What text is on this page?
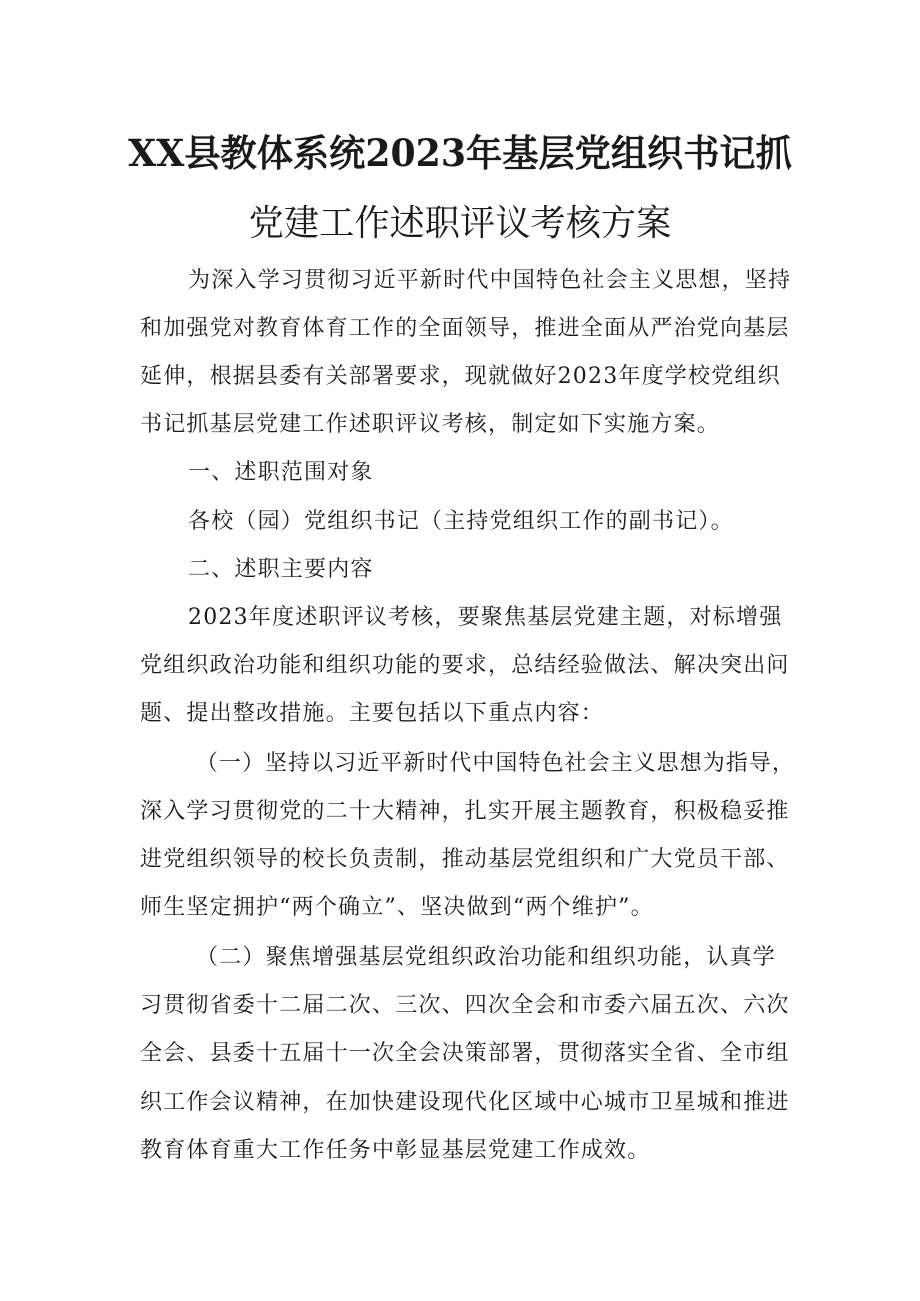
XX县教体系统2023年基层党组织书记抓
党建工作述职评议考核方案
为深入学习贯彻习近平新时代中国特色社会主义思想，坚持
和加强党对教育体育工作的全面领导，推进全面从严治党向基层
延伸，根据县委有关部署要求，现就做好2023年度学校党组织
书记抓基层党建工作述职评议考核，制定如下实施方案。
一、述职范围对象
各校（园）党组织书记（主持党组织工作的副书记）。
二、述职主要内容
2023年度述职评议考核，要聚焦基层党建主题，对标增强
党组织政治功能和组织功能的要求，总结经验做法、解决突出问
题、提出整改措施。主要包括以下重点内容：
（一）坚持以习近平新时代中国特色社会主义思想为指导，
深入学习贯彻党的二十大精神，扎实开展主题教育，积极稳妥推
进党组织领导的校长负责制，推动基层党组织和广大党员干部、
师生坚定拥护“两个确立”、坚决做到“两个维护”。
（二）聚焦增强基层党组织政治功能和组织功能，认真学
习贯彻省委十二届二次、三次、四次全会和市委六届五次、六次
全会、县委十五届十一次全会决策部署，贯彻落实全省、全市组
织工作会议精神，在加快建设现代化区域中心城市卫星城和推进
教育体育重大工作任务中彰显基层党建工作成效。
